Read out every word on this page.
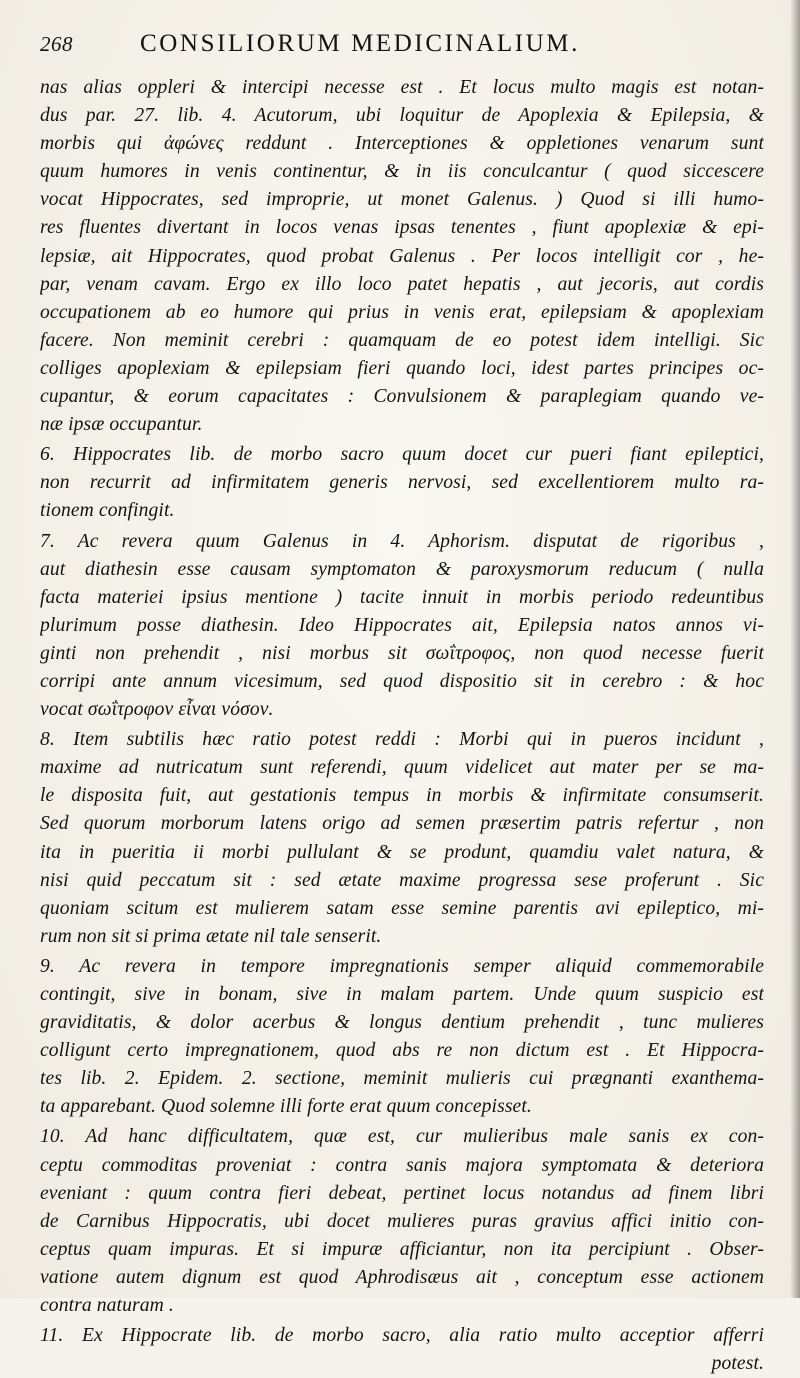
268	CONSILIORUM MEDICINALIUM.
nas alias oppleri & intercipi necesse est . Et locus multo magis est notan-
dus par. 27. lib. 4. Acutorum, ubi loquitur de Apoplexia & Epilepsia, &
morbis qui ἀφώνες reddunt . Interceptiones & oppletiones venarum sunt
quum humores in venis continentur, & in iis conculcantur ( quod siccescere
vocat Hippocrates, sed improprie, ut monet Galenus. ) Quod si illi humo-
res fluentes divertant in locos venas ipsas tenentes , fiunt apoplexiæ & epi-
lepsiæ, ait Hippocrates, quod probat Galenus . Per locos intelligit cor , he-
par, venam cavam. Ergo ex illo loco patet hepatis , aut jecoris, aut cordis
occupationem ab eo humore qui prius in venis erat, epilepsiam & apoplexiam
facere. Non meminit cerebri : quamquam de eo potest idem intelligi. Sic
colliges apoplexiam & epilepsiam fieri quando loci, idest partes principes oc-
cupantur, & eorum capacitates : Convulsionem & paraplegiam quando ve-
næ ipsæ occupantur.
6. Hippocrates lib. de morbo sacro quum docet cur pueri fiant epileptici,
non recurrit ad infirmitatem generis nervosi, sed excellentiorem multo ra-
tionem confingit.
7. Ac revera quum Galenus in 4. Aphorism. disputat de rigoribus ,
aut diathesin esse causam symptomaton & paroxysmorum reducum ( nulla
facta materiei ipsius mentione ) tacite innuit in morbis periodo redeuntibus
plurimum posse diathesin. Ideo Hippocrates ait, Epilepsia natos annos vi-
ginti non prehendit , nisi morbus sit σωΐτροφος, non quod necesse fuerit
corripi ante annum vicesimum, sed quod dispositio sit in cerebro : & hoc
vocat σωΐτροφον εἶναι νόσον.
8. Item subtilis hæc ratio potest reddi : Morbi qui in pueros incidunt ,
maxime ad nutricatum sunt referendi, quum videlicet aut mater per se ma-
le disposita fuit, aut gestationis tempus in morbis & infirmitate consumserit.
Sed quorum morborum latens origo ad semen præsertim patris refertur , non
ita in pueritia ii morbi pullulant & se produnt, quamdiu valet natura, &
nisi quid peccatum sit : sed ætate maxime progressa sese proferunt . Sic
quoniam scitum est mulierem satam esse semine parentis avi epileptico, mi-
rum non sit si prima ætate nil tale senserit.
9. Ac revera in tempore impregnationis semper aliquid commemorabile
contingit, sive in bonam, sive in malam partem. Unde quum suspicio est
graviditatis, & dolor acerbus & longus dentium prehendit , tunc mulieres
colligunt certo impregnationem, quod abs re non dictum est . Et Hippocra-
tes lib. 2. Epidem. 2. sectione, meminit mulieris cui prægnanti exanthema-
ta apparebant. Quod solemne illi forte erat quum concepisset.
10. Ad hanc difficultatem, quæ est, cur mulieribus male sanis ex con-
ceptu commoditas proveniat : contra sanis majora symptomata & deteriora
eveniant : quum contra fieri debeat, pertinet locus notandus ad finem libri
de Carnibus Hippocratis, ubi docet mulieres puras gravius affici initio con-
ceptus quam impuras. Et si impuræ afficiantur, non ita percipiunt . Obser-
vatione autem dignum est quod Aphrodisæus ait , conceptum esse actionem
contra naturam .
11. Ex Hippocrate lib. de morbo sacro, alia ratio multo acceptior afferri
potest.
